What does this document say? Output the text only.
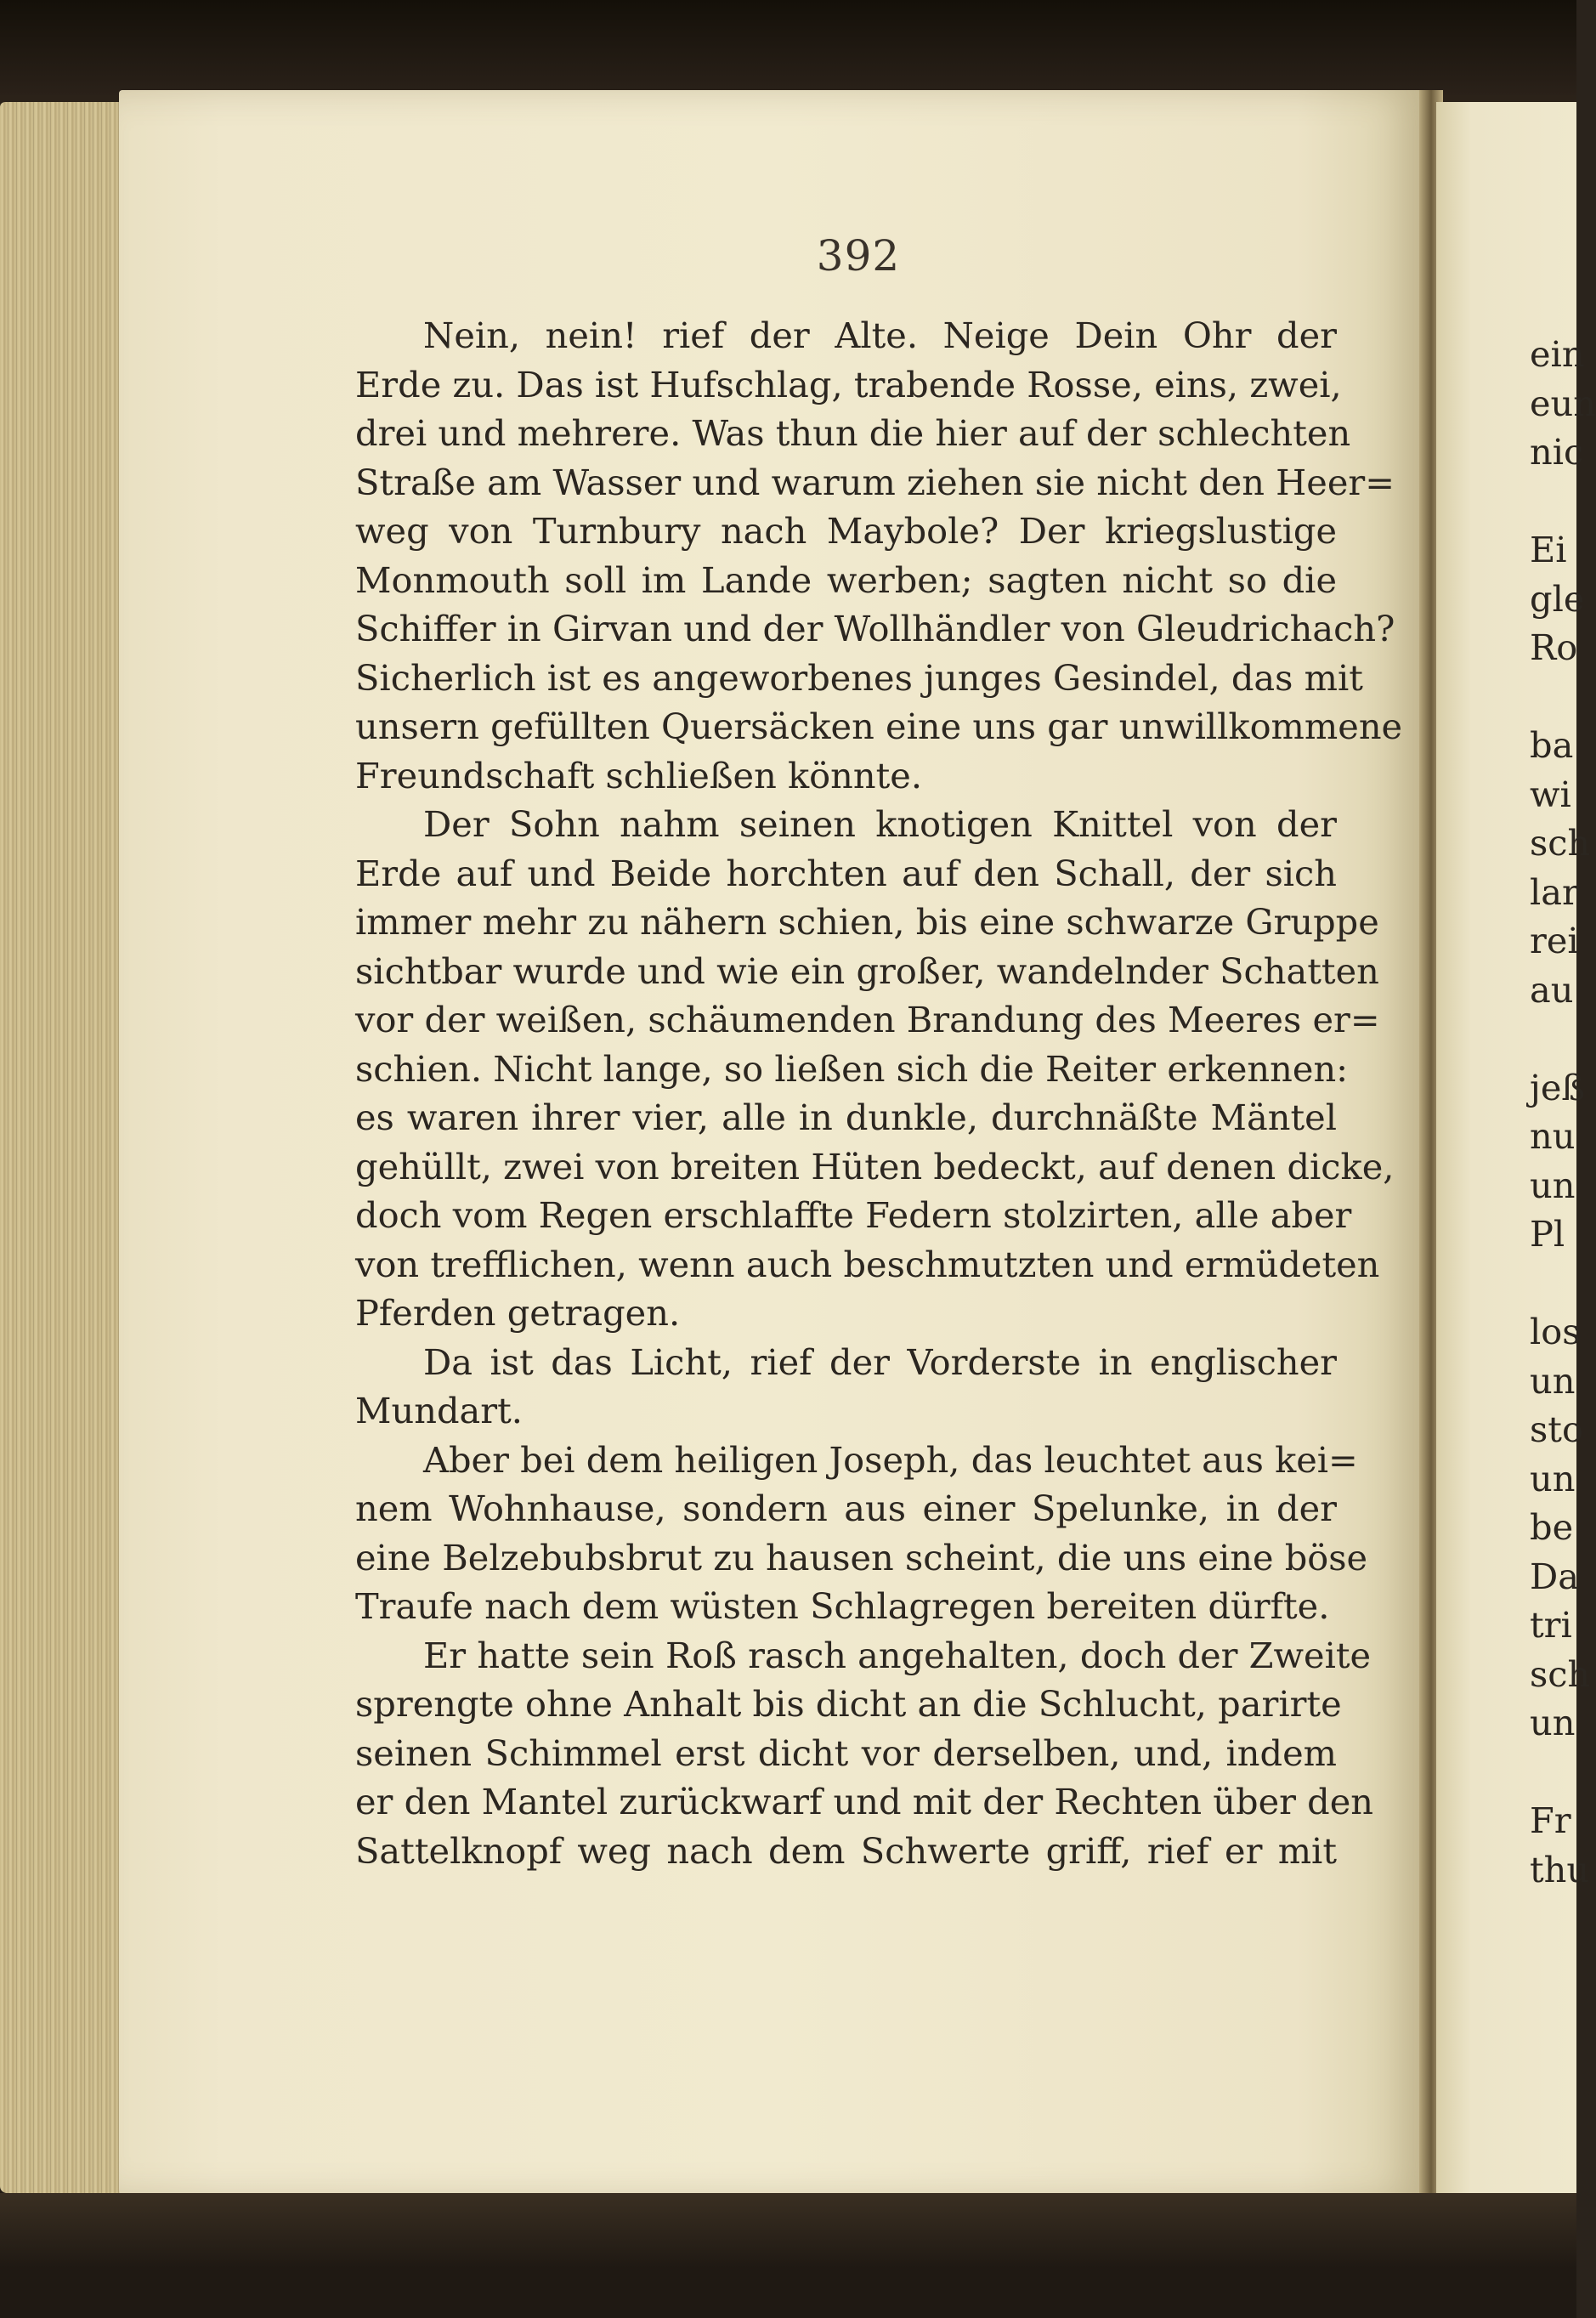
392
Nein, nein! rief der Alte. Neige Dein Ohr der
Erde zu. Das ist Hufschlag, trabende Rosse, eins, zwei,
drei und mehrere. Was thun die hier auf der schlechten
Straße am Wasser und warum ziehen sie nicht den Heer=
weg von Turnbury nach Maybole? Der kriegslustige
Monmouth soll im Lande werben; sagten nicht so die
Schiffer in Girvan und der Wollhändler von Gleudrichach?
Sicherlich ist es angeworbenes junges Gesindel, das mit
unsern gefüllten Quersäcken eine uns gar unwillkommene
Freundschaft schließen könnte.
Der Sohn nahm seinen knotigen Knittel von der
Erde auf und Beide horchten auf den Schall, der sich
immer mehr zu nähern schien, bis eine schwarze Gruppe
sichtbar wurde und wie ein großer, wandelnder Schatten
vor der weißen, schäumenden Brandung des Meeres er=
schien. Nicht lange, so ließen sich die Reiter erkennen:
es waren ihrer vier, alle in dunkle, durchnäßte Mäntel
gehüllt, zwei von breiten Hüten bedeckt, auf denen dicke,
doch vom Regen erschlaffte Federn stolzirten, alle aber
von trefflichen, wenn auch beschmutzten und ermüdeten
Pferden getragen.
Da ist das Licht, rief der Vorderste in englischer
Mundart.
Aber bei dem heiligen Joseph, das leuchtet aus kei=
nem Wohnhause, sondern aus einer Spelunke, in der
eine Belzebubsbrut zu hausen scheint, die uns eine böse
Traufe nach dem wüsten Schlagregen bereiten dürfte.
Er hatte sein Roß rasch angehalten, doch der Zweite
sprengte ohne Anhalt bis dicht an die Schlucht, parirte
seinen Schimmel erst dicht vor derselben, und, indem
er den Mantel zurückwarf und mit der Rechten über den
Sattelknopf weg nach dem Schwerte griff, rief er mit
ein
eun
nic
Ei
gle
Ro
ba
wi
sch
lar
rei
au
jeß
nu
un
Pl
los
un
sto
un
be
Da
tri
sch
un
Fr
thu
